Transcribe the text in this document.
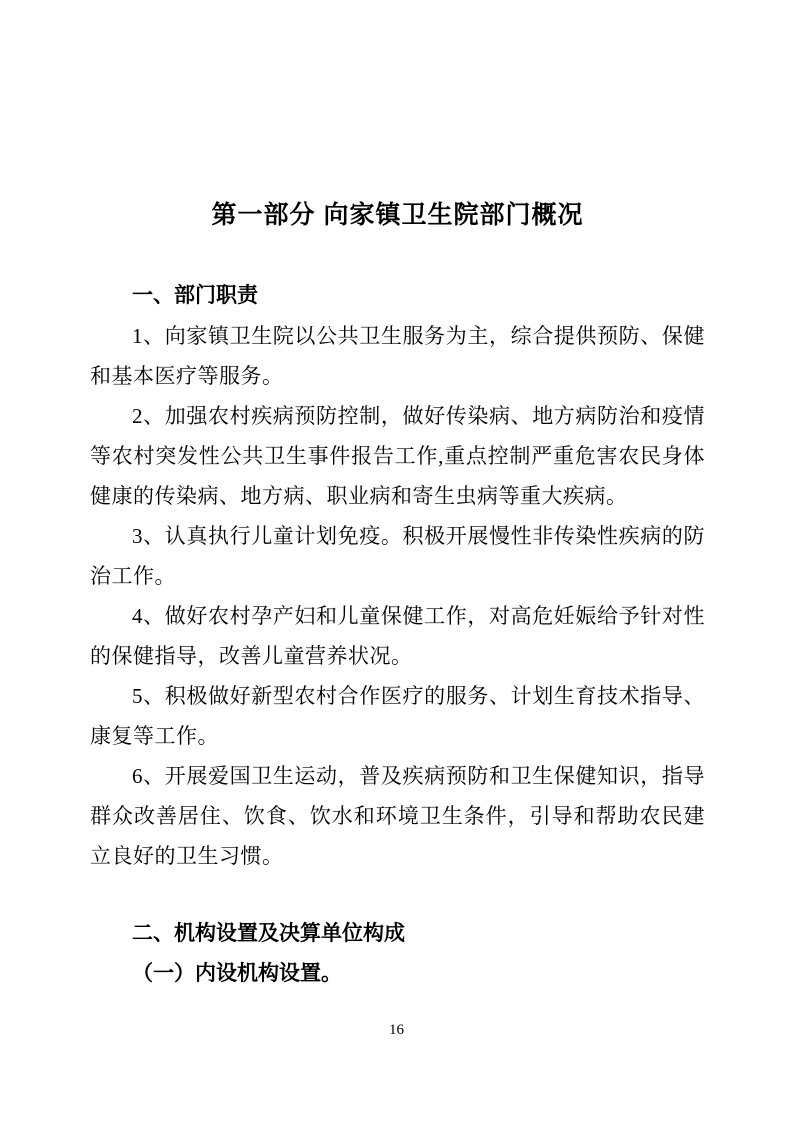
第一部分 向家镇卫生院部门概况
一、部门职责

1、向家镇卫生院以公共卫生服务为主，综合提供预防、保健和基本医疗等服务。

2、加强农村疾病预防控制，做好传染病、地方病防治和疫情等农村突发性公共卫生事件报告工作,重点控制严重危害农民身体健康的传染病、地方病、职业病和寄生虫病等重大疾病。

3、认真执行儿童计划免疫。积极开展慢性非传染性疾病的防治工作。

4、做好农村孕产妇和儿童保健工作，对高危妊娠给予针对性的保健指导，改善儿童营养状况。

5、积极做好新型农村合作医疗的服务、计划生育技术指导、康复等工作。

6、开展爱国卫生运动，普及疾病预防和卫生保健知识，指导群众改善居住、饮食、饮水和环境卫生条件，引导和帮助农民建立良好的卫生习惯。

二、机构设置及决算单位构成
（一）内设机构设置。
16
